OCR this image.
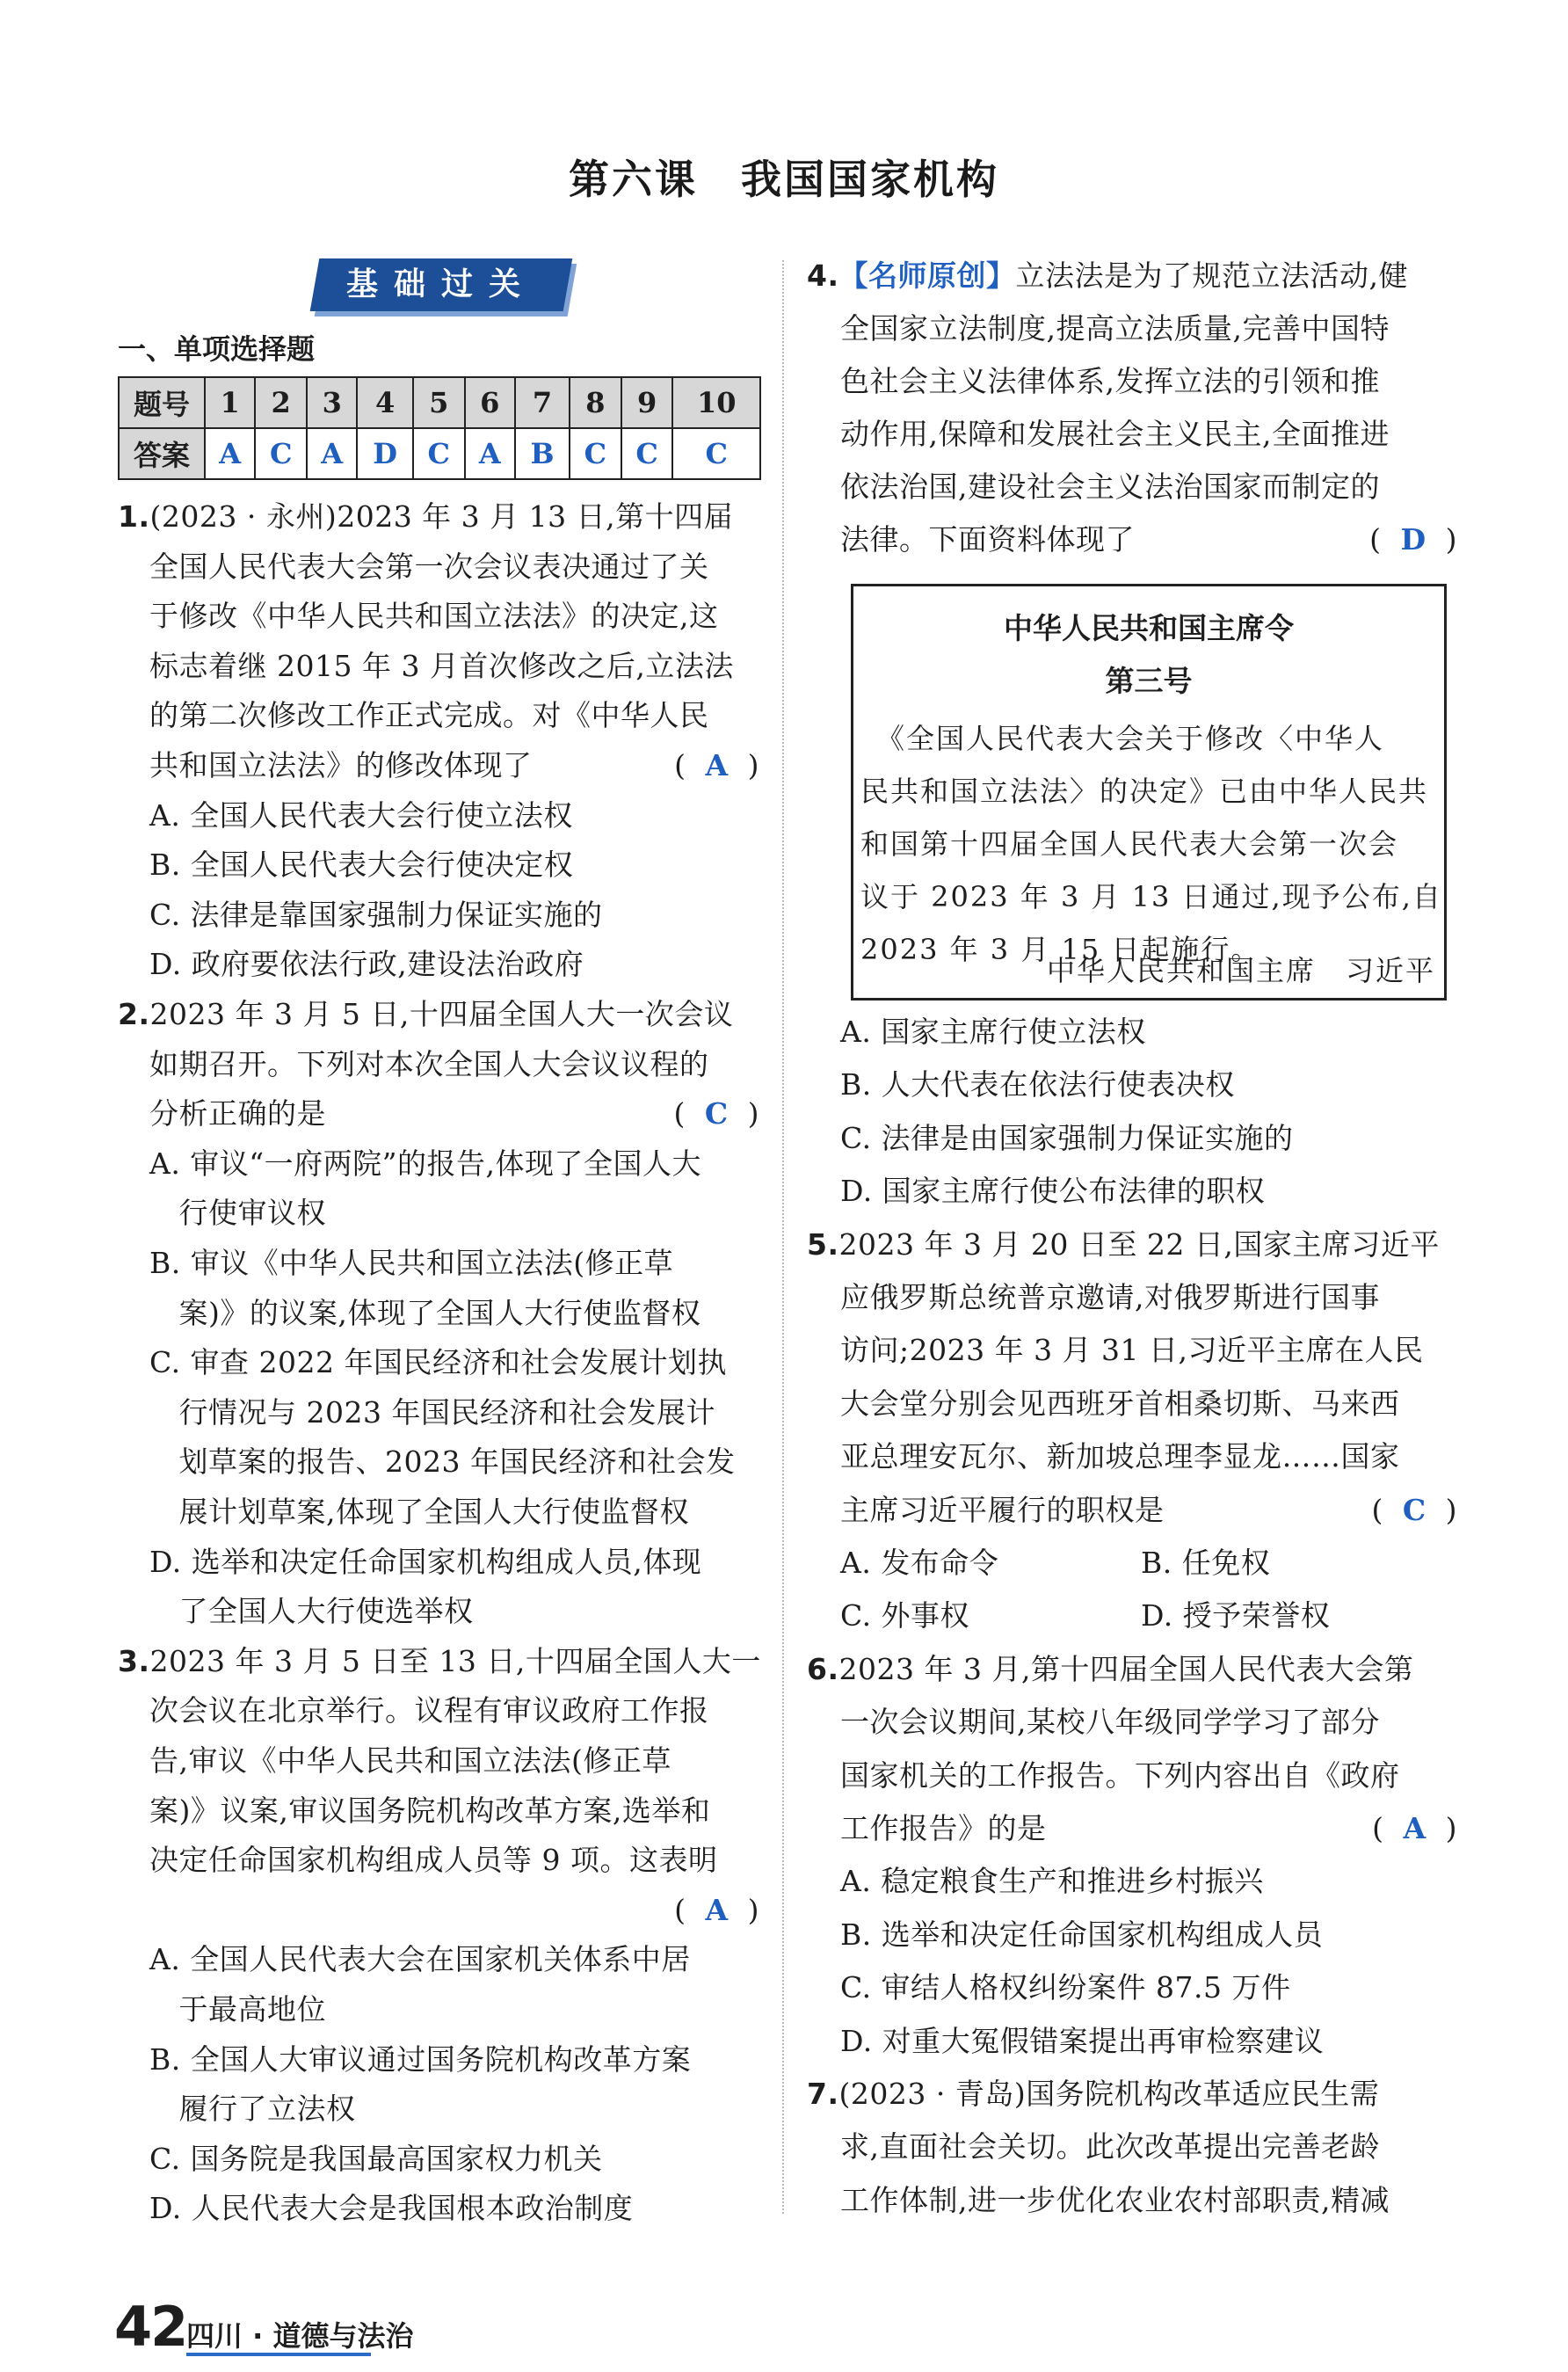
第六课　我国国家机构
基础过关
一、单项选择题
题号	1	2	3	4	5	6	7	8	9	10
答案	A	C	A	D	C	A	B	C	C	C
1.(2023 · 永州)2023 年 3 月 13 日,第十四届
全国人民代表大会第一次会议表决通过了关
于修改《中华人民共和国立法法》的决定,这
标志着继 2015 年 3 月首次修改之后,立法法
的第二次修改工作正式完成。对《中华人民
共和国立法法》的修改体现了	( A )
A. 全国人民代表大会行使立法权
B. 全国人民代表大会行使决定权
C. 法律是靠国家强制力保证实施的
D. 政府要依法行政,建设法治政府
2.2023 年 3 月 5 日,十四届全国人大一次会议
如期召开。下列对本次全国人大会议议程的
分析正确的是	( C )
A. 审议“一府两院”的报告,体现了全国人大
　行使审议权
B. 审议《中华人民共和国立法法(修正草
　案)》的议案,体现了全国人大行使监督权
C. 审查 2022 年国民经济和社会发展计划执
　行情况与 2023 年国民经济和社会发展计
　划草案的报告、2023 年国民经济和社会发
　展计划草案,体现了全国人大行使监督权
D. 选举和决定任命国家机构组成人员,体现
　了全国人大行使选举权
3.2023 年 3 月 5 日至 13 日,十四届全国人大一
次会议在北京举行。议程有审议政府工作报
告,审议《中华人民共和国立法法(修正草
案)》议案,审议国务院机构改革方案,选举和
决定任命国家机构组成人员等 9 项。这表明
( A )
A. 全国人民代表大会在国家机关体系中居
　于最高地位
B. 全国人大审议通过国务院机构改革方案
　履行了立法权
C. 国务院是我国最高国家权力机关
D. 人民代表大会是我国根本政治制度
4.【名师原创】立法法是为了规范立法活动,健
全国家立法制度,提高立法质量,完善中国特
色社会主义法律体系,发挥立法的引领和推
动作用,保障和发展社会主义民主,全面推进
依法治国,建设社会主义法治国家而制定的
法律。下面资料体现了	( D )
中华人民共和国主席令
第三号
　《全国人民代表大会关于修改〈中华人
民共和国立法法〉的决定》已由中华人民共
和国第十四届全国人民代表大会第一次会
议于 2023 年 3 月 13 日通过,现予公布,自
2023 年 3 月 15 日起施行。
中华人民共和国主席　习近平
A. 国家主席行使立法权
B. 人大代表在依法行使表决权
C. 法律是由国家强制力保证实施的
D. 国家主席行使公布法律的职权
5.2023 年 3 月 20 日至 22 日,国家主席习近平
应俄罗斯总统普京邀请,对俄罗斯进行国事
访问;2023 年 3 月 31 日,习近平主席在人民
大会堂分别会见西班牙首相桑切斯、马来西
亚总理安瓦尔、新加坡总理李显龙……国家
主席习近平履行的职权是	( C )
A. 发布命令	B. 任免权
C. 外事权	D. 授予荣誉权
6.2023 年 3 月,第十四届全国人民代表大会第
一次会议期间,某校八年级同学学习了部分
国家机关的工作报告。下列内容出自《政府
工作报告》的是	( A )
A. 稳定粮食生产和推进乡村振兴
B. 选举和决定任命国家机构组成人员
C. 审结人格权纠纷案件 87.5 万件
D. 对重大冤假错案提出再审检察建议
7.(2023 · 青岛)国务院机构改革适应民生需
求,直面社会关切。此次改革提出完善老龄
工作体制,进一步优化农业农村部职责,精减
42 四川 · 道德与法治
